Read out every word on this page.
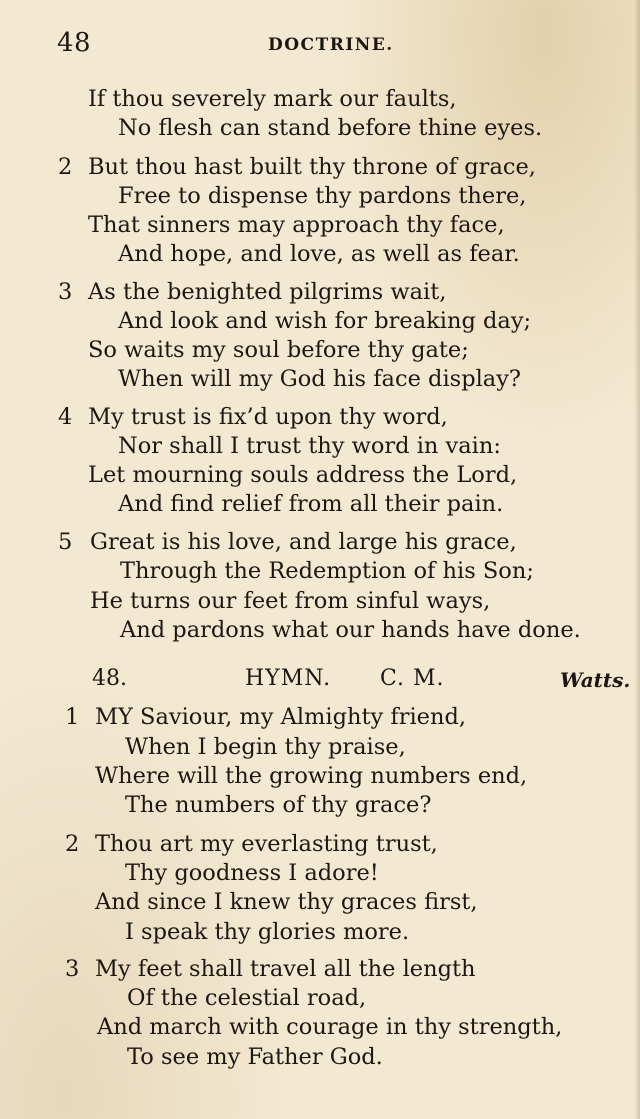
48	DOCTRINE.
If thou severely mark our faults,
No flesh can stand before thine eyes.
2 But thou hast built thy throne of grace,
Free to dispense thy pardons there,
That sinners may approach thy face,
And hope, and love, as well as fear.
3 As the benighted pilgrims wait,
And look and wish for breaking day;
So waits my soul before thy gate;
When will my God his face display?
4 My trust is fix’d upon thy word,
Nor shall I trust thy word in vain:
Let mourning souls address the Lord,
And find relief from all their pain.
5 Great is his love, and large his grace,
Through the Redemption of his Son;
He turns our feet from sinful ways,
And pardons what our hands have done.
48.	HYMN. C. M.	Watts.
1 MY Saviour, my Almighty friend,
When I begin thy praise,
Where will the growing numbers end,
The numbers of thy grace?
2 Thou art my everlasting trust,
Thy goodness I adore!
And since I knew thy graces first,
I speak thy glories more.
3 My feet shall travel all the length
Of the celestial road,
And march with courage in thy strength,
To see my Father God.
